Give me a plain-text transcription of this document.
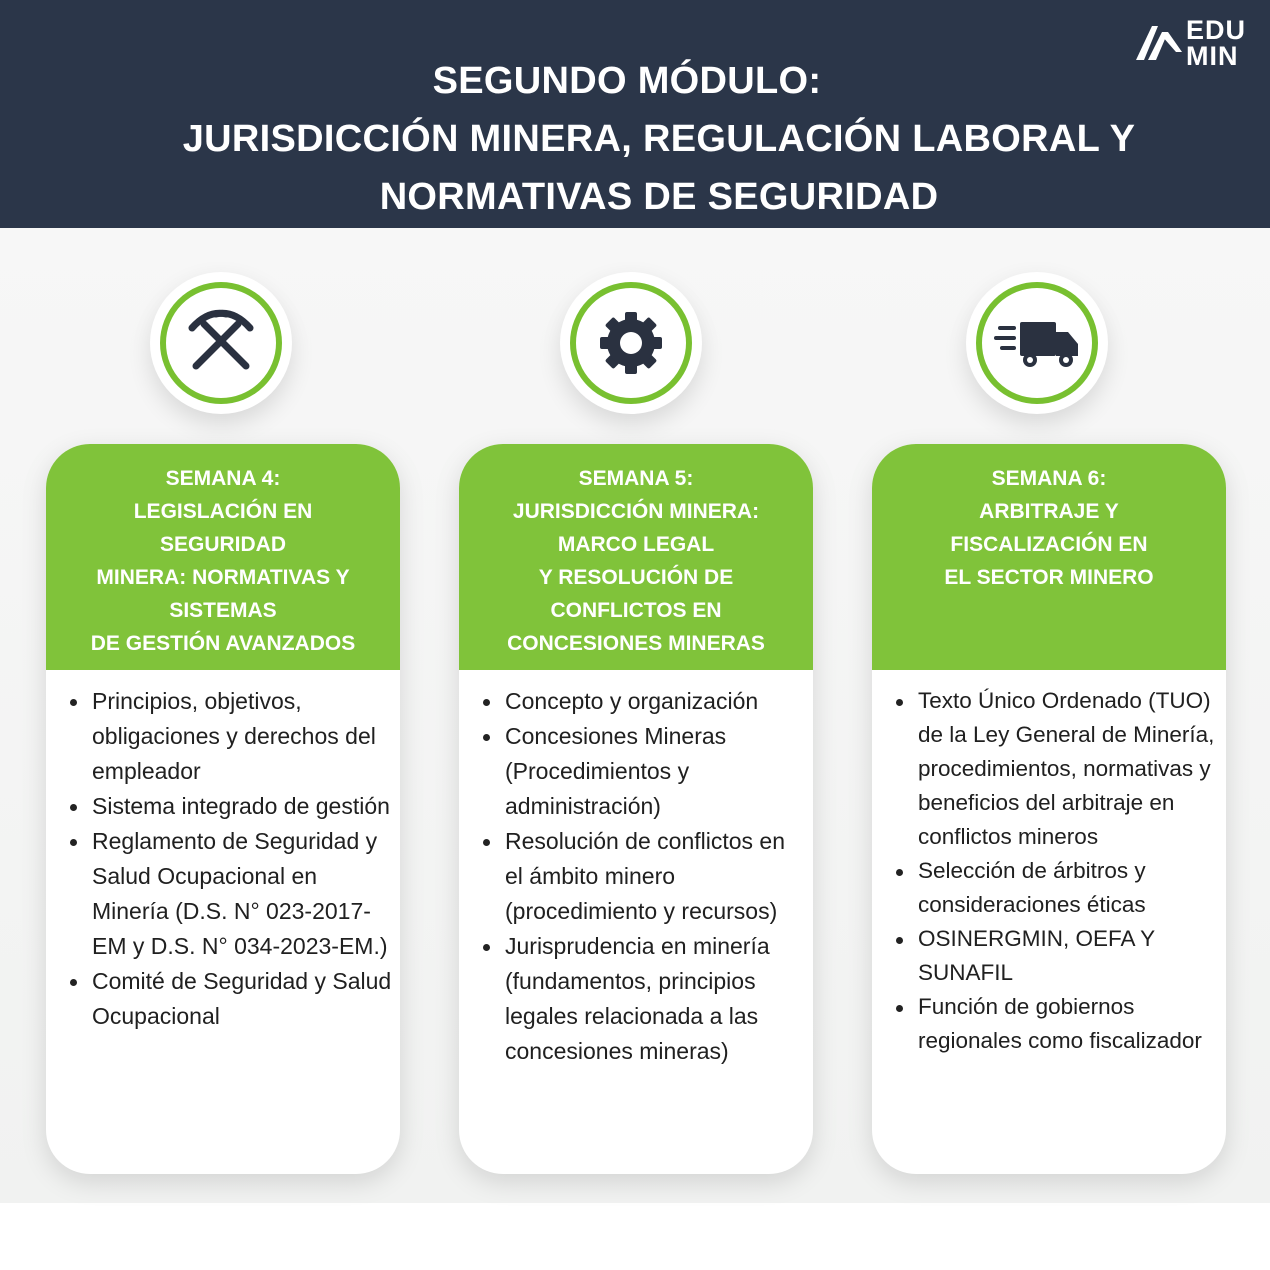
SEGUNDO MÓDULO:
JURISDICCIÓN MINERA, REGULACIÓN LABORAL Y
NORMATIVAS DE SEGURIDAD
EDU
MIN
SEMANA 4:
LEGISLACIÓN EN
SEGURIDAD
MINERA: NORMATIVAS Y
SISTEMAS
DE GESTIÓN AVANZADOS
Principios, objetivos, obligaciones y derechos del empleador
Sistema integrado de gestión
Reglamento de Seguridad y Salud Ocupacional en Minería (D.S. N° 023-2017-EM y D.S. N° 034-2023-EM.)
Comité de Seguridad y Salud Ocupacional
SEMANA 5:
JURISDICCIÓN MINERA:
MARCO LEGAL
Y RESOLUCIÓN DE
CONFLICTOS EN
CONCESIONES MINERAS
Concepto y organización
Concesiones Mineras (Procedimientos y administración)
Resolución de conflictos en el ámbito minero (procedimiento y recursos)
Jurisprudencia en minería (fundamentos, principios legales relacionada a las concesiones mineras)
SEMANA 6:
ARBITRAJE Y
FISCALIZACIÓN EN
EL SECTOR MINERO
Texto Único Ordenado (TUO) de la Ley General de Minería, procedimientos, normativas y beneficios del arbitraje en conflictos mineros
Selección de árbitros y consideraciones éticas
OSINERGMIN, OEFA Y SUNAFIL
Función de gobiernos regionales como fiscalizador
